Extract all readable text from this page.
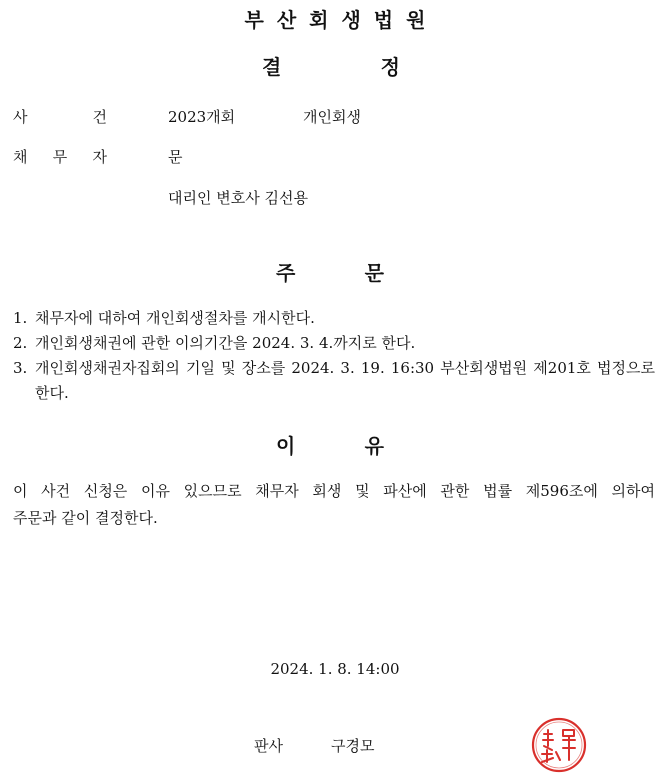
부산회생법원
결	정
사	건	2023개회	개인회생
채 무 자	문
대리인 변호사 김선용
주	문
1. 채무자에 대하여 개인회생절차를 개시한다.
2. 개인회생채권에 관한 이의기간을 2024. 3. 4.까지로 한다.
3. 개인회생채권자집회의 기일 및 장소를 2024. 3. 19. 16:30 부산회생법원 제201호 법정으로 한다.
이	유
이 사건 신청은 이유 있으므로 채무자 회생 및 파산에 관한 법률 제596조에 의하여
주문과 같이 결정한다.
2024. 1. 8. 14:00
판사	구경모
